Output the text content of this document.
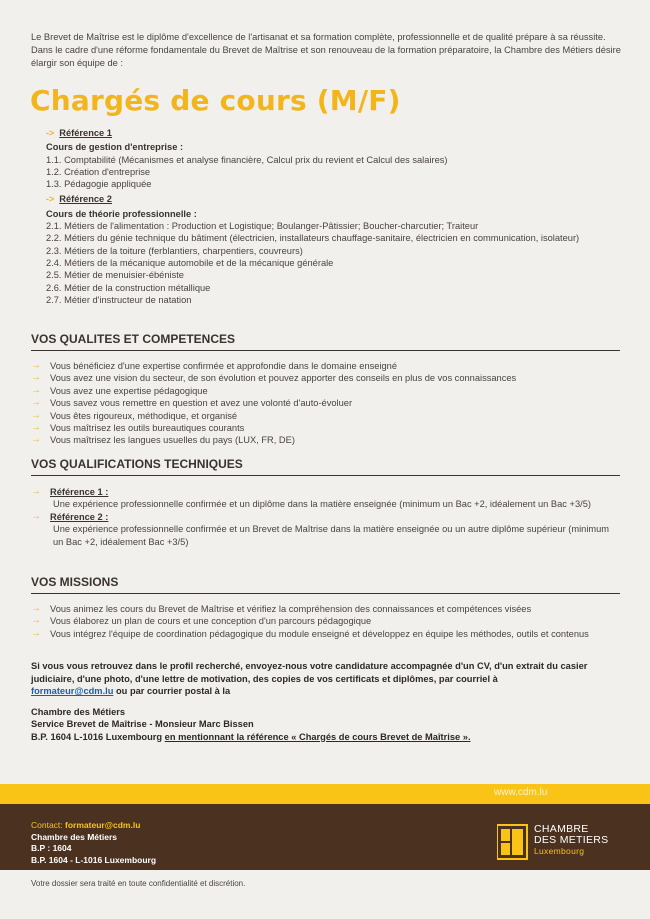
Le Brevet de Maîtrise est le diplôme d'excellence de l'artisanat et sa formation complète, professionnelle et de qualité prépare à sa réussite. Dans le cadre d'une réforme fondamentale du Brevet de Maîtrise et son renouveau de la formation préparatoire, la Chambre des Métiers désire élargir son équipe de :
Chargés de cours (M/F)
-> Référence 1
Cours de gestion d'entreprise :
1.1. Comptabilité (Mécanismes et analyse financière, Calcul prix du revient et Calcul des salaires)
1.2. Création d'entreprise
1.3. Pédagogie appliquée
-> Référence 2
Cours de théorie professionnelle :
2.1. Métiers de l'alimentation : Production et Logistique; Boulanger-Pâtissier; Boucher-charcutier; Traiteur
2.2. Métiers du génie technique du bâtiment (électricien, installateurs chauffage-sanitaire, électricien en communication, isolateur)
2.3. Métiers de la toiture (ferblantiers, charpentiers, couvreurs)
2.4. Métiers de la mécanique automobile et de la mécanique générale
2.5. Métier de menuisier-ébéniste
2.6. Métier de la construction métallique
2.7. Métier d'instructeur de natation
VOS QUALITES ET COMPETENCES
→ Vous bénéficiez d'une expertise confirmée et approfondie dans le domaine enseigné
→ Vous avez une vision du secteur, de son évolution et pouvez apporter des conseils en plus de vos connaissances
→ Vous avez une expertise pédagogique
→ Vous savez vous remettre en question et avez une volonté d'auto-évoluer
→ Vous êtes rigoureux, méthodique, et organisé
→ Vous maîtrisez les outils bureautiques courants
→ Vous maîtrisez les langues usuelles du pays (LUX, FR, DE)
VOS QUALIFICATIONS TECHNIQUES
→ Référence 1 :
Une expérience professionnelle confirmée et un diplôme dans la matière enseignée (minimum un Bac +2, idéalement un Bac +3/5)
→ Référence 2 :
Une expérience professionnelle confirmée et un Brevet de Maîtrise dans la matière enseignée ou un autre diplôme supérieur (minimum un Bac +2, idéalement Bac +3/5)
VOS MISSIONS
→ Vous animez les cours du Brevet de Maîtrise et vérifiez la compréhension des connaissances et compétences visées
→ Vous élaborez un plan de cours et une conception d'un parcours pédagogique
→ Vous intégrez l'équipe de coordination pédagogique du module enseigné et développez en équipe les méthodes, outils et contenus
Si vous vous retrouvez dans le profil recherché, envoyez-nous votre candidature accompagnée d'un CV, d'un extrait du casier judiciaire, d'une photo, d'une lettre de motivation, des copies de vos certificats et diplômes, par courriel à
formateur@cdm.lu ou par courrier postal à la
Chambre des Métiers
Service Brevet de Maîtrise - Monsieur Marc Bissen
B.P. 1604 L-1016 Luxembourg en mentionnant la référence « Chargés de cours Brevet de Maîtrise ».
www.cdm.lu
Contact: formateur@cdm.lu
Chambre des Métiers
B.P : 1604
B.P. 1604 - L-1016 Luxembourg
CHAMBRE
DES METIERS
Luxembourg
Votre dossier sera traité en toute confidentialité et discrétion.
